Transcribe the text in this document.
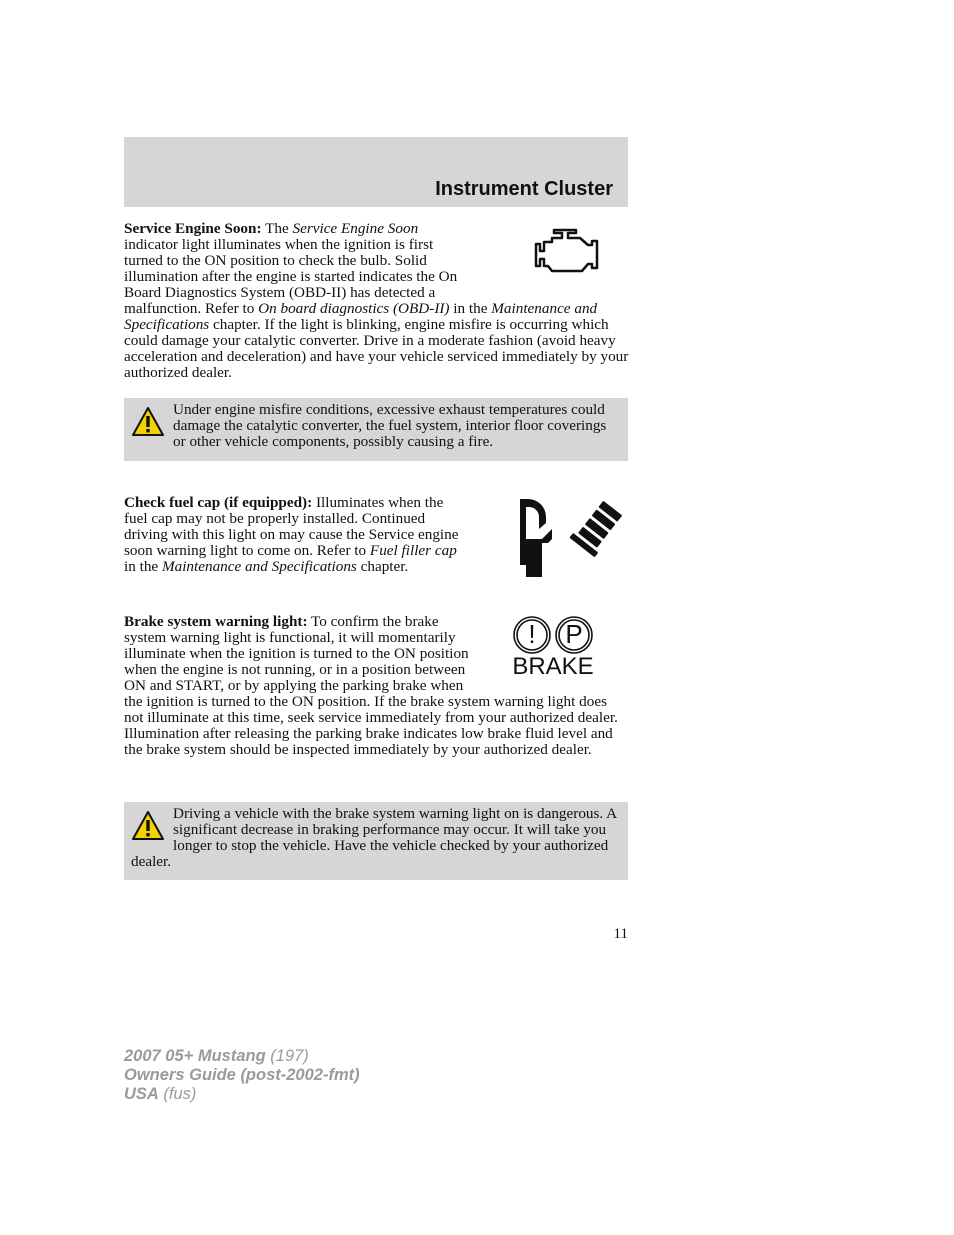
Instrument Cluster
Service Engine Soon: The Service Engine Soon indicator light illuminates when the ignition is first turned to the ON position to check the bulb. Solid illumination after the engine is started indicates the On Board Diagnostics System (OBD-II) has detected a malfunction. Refer to On board diagnostics (OBD-II) in the Maintenance and Specifications chapter. If the light is blinking, engine misfire is occurring which could damage your catalytic converter. Drive in a moderate fashion (avoid heavy acceleration and deceleration) and have your vehicle serviced immediately by your authorized dealer.
Under engine misfire conditions, excessive exhaust temperatures could damage the catalytic converter, the fuel system, interior floor coverings or other vehicle components, possibly causing a fire.
Check fuel cap (if equipped): Illuminates when the fuel cap may not be properly installed. Continued driving with this light on may cause the Service engine soon warning light to come on. Refer to Fuel filler cap in the Maintenance and Specifications chapter.
! P
BRAKE
Brake system warning light: To confirm the brake system warning light is functional, it will momentarily illuminate when the ignition is turned to the ON position when the engine is not running, or in a position between ON and START, or by applying the parking brake when the ignition is turned to the ON position. If the brake system warning light does not illuminate at this time, seek service immediately from your authorized dealer. Illumination after releasing the parking brake indicates low brake fluid level and the brake system should be inspected immediately by your authorized dealer.
Driving a vehicle with the brake system warning light on is dangerous. A significant decrease in braking performance may occur. It will take you longer to stop the vehicle. Have the vehicle checked by your authorized dealer.
11
2007 05+ Mustang (197)
Owners Guide (post-2002-fmt)
USA (fus)
